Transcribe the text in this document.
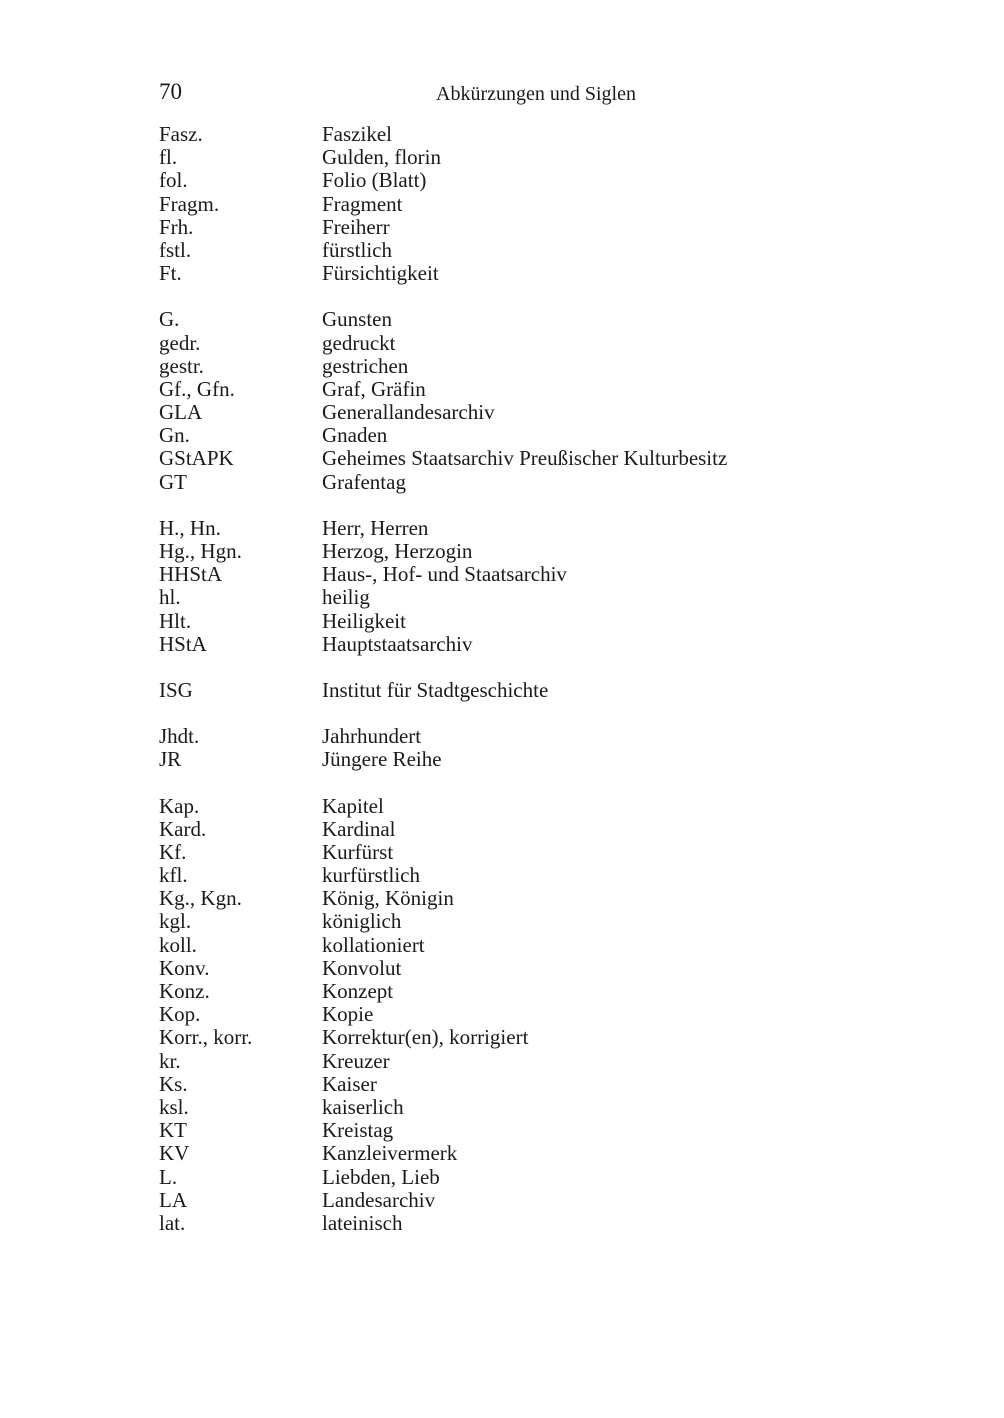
70	Abkürzungen und Siglen
Fasz.	Faszikel
fl.	Gulden, florin
fol.	Folio (Blatt)
Fragm.	Fragment
Frh.	Freiherr
fstl.	fürstlich
Ft.	Fürsichtigkeit
G.	Gunsten
gedr.	gedruckt
gestr.	gestrichen
Gf., Gfn.	Graf, Gräfin
GLA	Generallandesarchiv
Gn.	Gnaden
GStAPK	Geheimes Staatsarchiv Preußischer Kulturbesitz
GT	Grafentag
H., Hn.	Herr, Herren
Hg., Hgn.	Herzog, Herzogin
HHStA	Haus-, Hof- und Staatsarchiv
hl.	heilig
Hlt.	Heiligkeit
HStA	Hauptstaatsarchiv
ISG	Institut für Stadtgeschichte
Jhdt.	Jahrhundert
JR	Jüngere Reihe
Kap.	Kapitel
Kard.	Kardinal
Kf.	Kurfürst
kfl.	kurfürstlich
Kg., Kgn.	König, Königin
kgl.	königlich
koll.	kollationiert
Konv.	Konvolut
Konz.	Konzept
Kop.	Kopie
Korr., korr.	Korrektur(en), korrigiert
kr.	Kreuzer
Ks.	Kaiser
ksl.	kaiserlich
KT	Kreistag
KV	Kanzleivermerk
L.	Liebden, Lieb
LA	Landesarchiv
lat.	lateinisch
